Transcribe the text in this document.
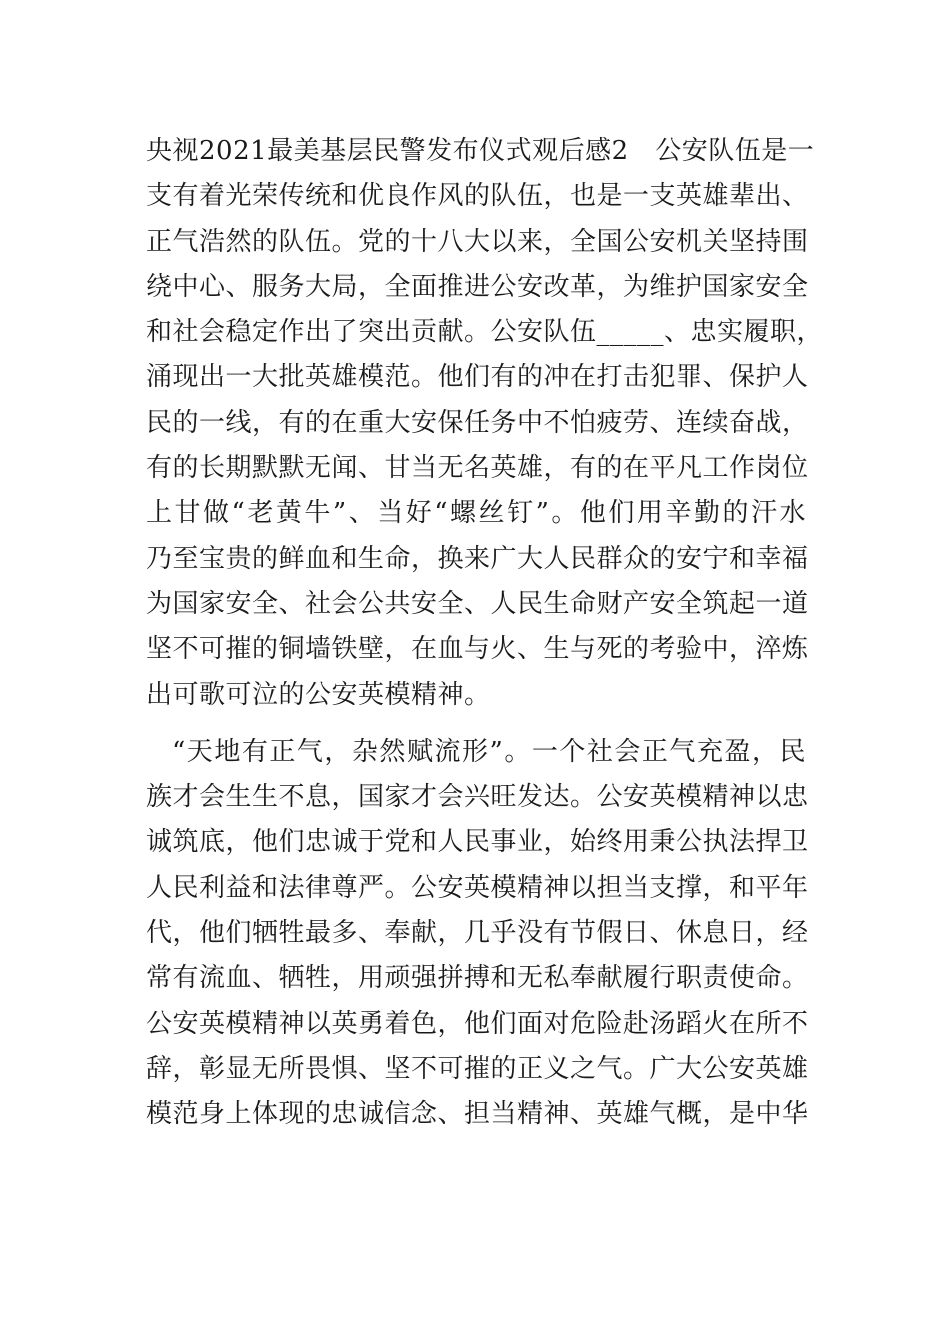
央视2021最美基层民警发布仪式观后感2　公安队伍是一
支有着光荣传统和优良作风的队伍，也是一支英雄辈出、
正气浩然的队伍。党的十八大以来，全国公安机关坚持围
绕中心、服务大局，全面推进公安改革，为维护国家安全
和社会稳定作出了突出贡献。公安队伍_____、忠实履职，
涌现出一大批英雄模范。他们有的冲在打击犯罪、保护人
民的一线，有的在重大安保任务中不怕疲劳、连续奋战，
有的长期默默无闻、甘当无名英雄，有的在平凡工作岗位
上甘做“老黄牛”、当好“螺丝钉”。他们用辛勤的汗水
乃至宝贵的鲜血和生命，换来广大人民群众的安宁和幸福
为国家安全、社会公共安全、人民生命财产安全筑起一道
坚不可摧的铜墙铁壁，在血与火、生与死的考验中，淬炼
出可歌可泣的公安英模精神。
“天地有正气，杂然赋流形”。一个社会正气充盈，民
族才会生生不息，国家才会兴旺发达。公安英模精神以忠
诚筑底，他们忠诚于党和人民事业，始终用秉公执法捍卫
人民利益和法律尊严。公安英模精神以担当支撑，和平年
代，他们牺牲最多、奉献，几乎没有节假日、休息日，经
常有流血、牺牲，用顽强拼搏和无私奉献履行职责使命。
公安英模精神以英勇着色，他们面对危险赴汤蹈火在所不
辞，彰显无所畏惧、坚不可摧的正义之气。广大公安英雄
模范身上体现的忠诚信念、担当精神、英雄气概，是中华
